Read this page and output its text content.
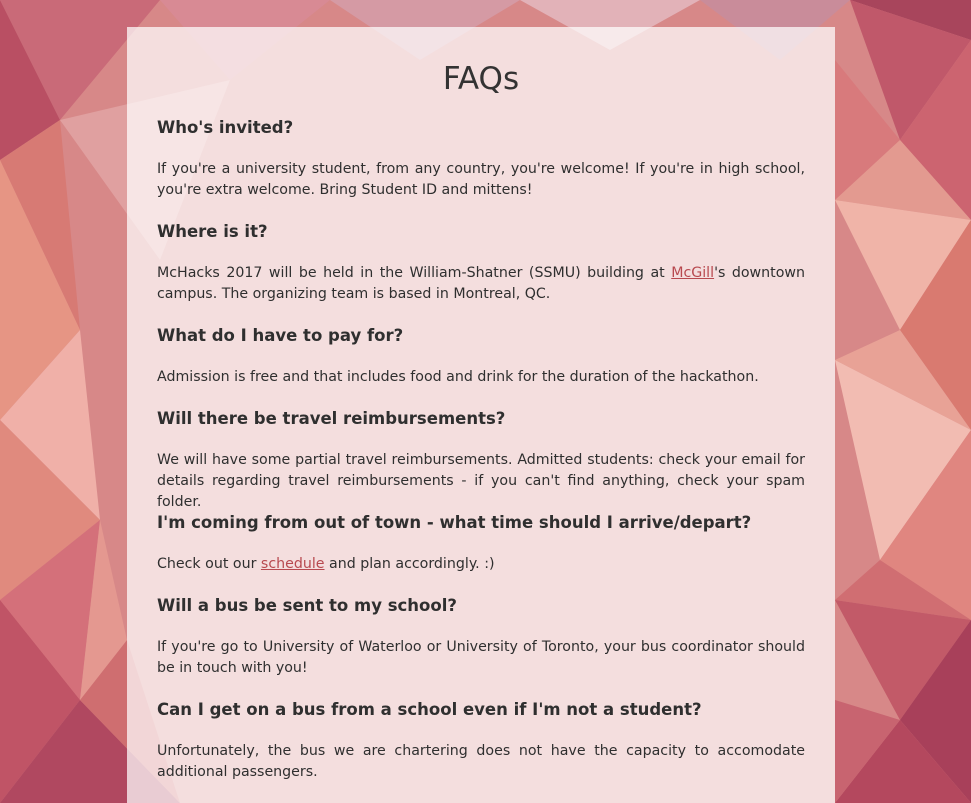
FAQs
Who's invited?

If you're a university student, from any country, you're welcome! If you're in high school, you're extra welcome. Bring Student ID and mittens!

Where is it?

McHacks 2017 will be held in the William-Shatner (SSMU) building at McGill's downtown campus. The organizing team is based in Montreal, QC.

What do I have to pay for?

Admission is free and that includes food and drink for the duration of the hackathon.

Will there be travel reimbursements?

We will have some partial travel reimbursements. Admitted students: check your email for details regarding travel reimbursements - if you can't find anything, check your spam folder.

I'm coming from out of town - what time should I arrive/depart?

Check out our schedule and plan accordingly. :)

Will a bus be sent to my school?

If you're go to University of Waterloo or University of Toronto, your bus coordinator should be in touch with you!

Can I get on a bus from a school even if I'm not a student?

Unfortunately, the bus we are chartering does not have the capacity to accomodate additional passengers.
